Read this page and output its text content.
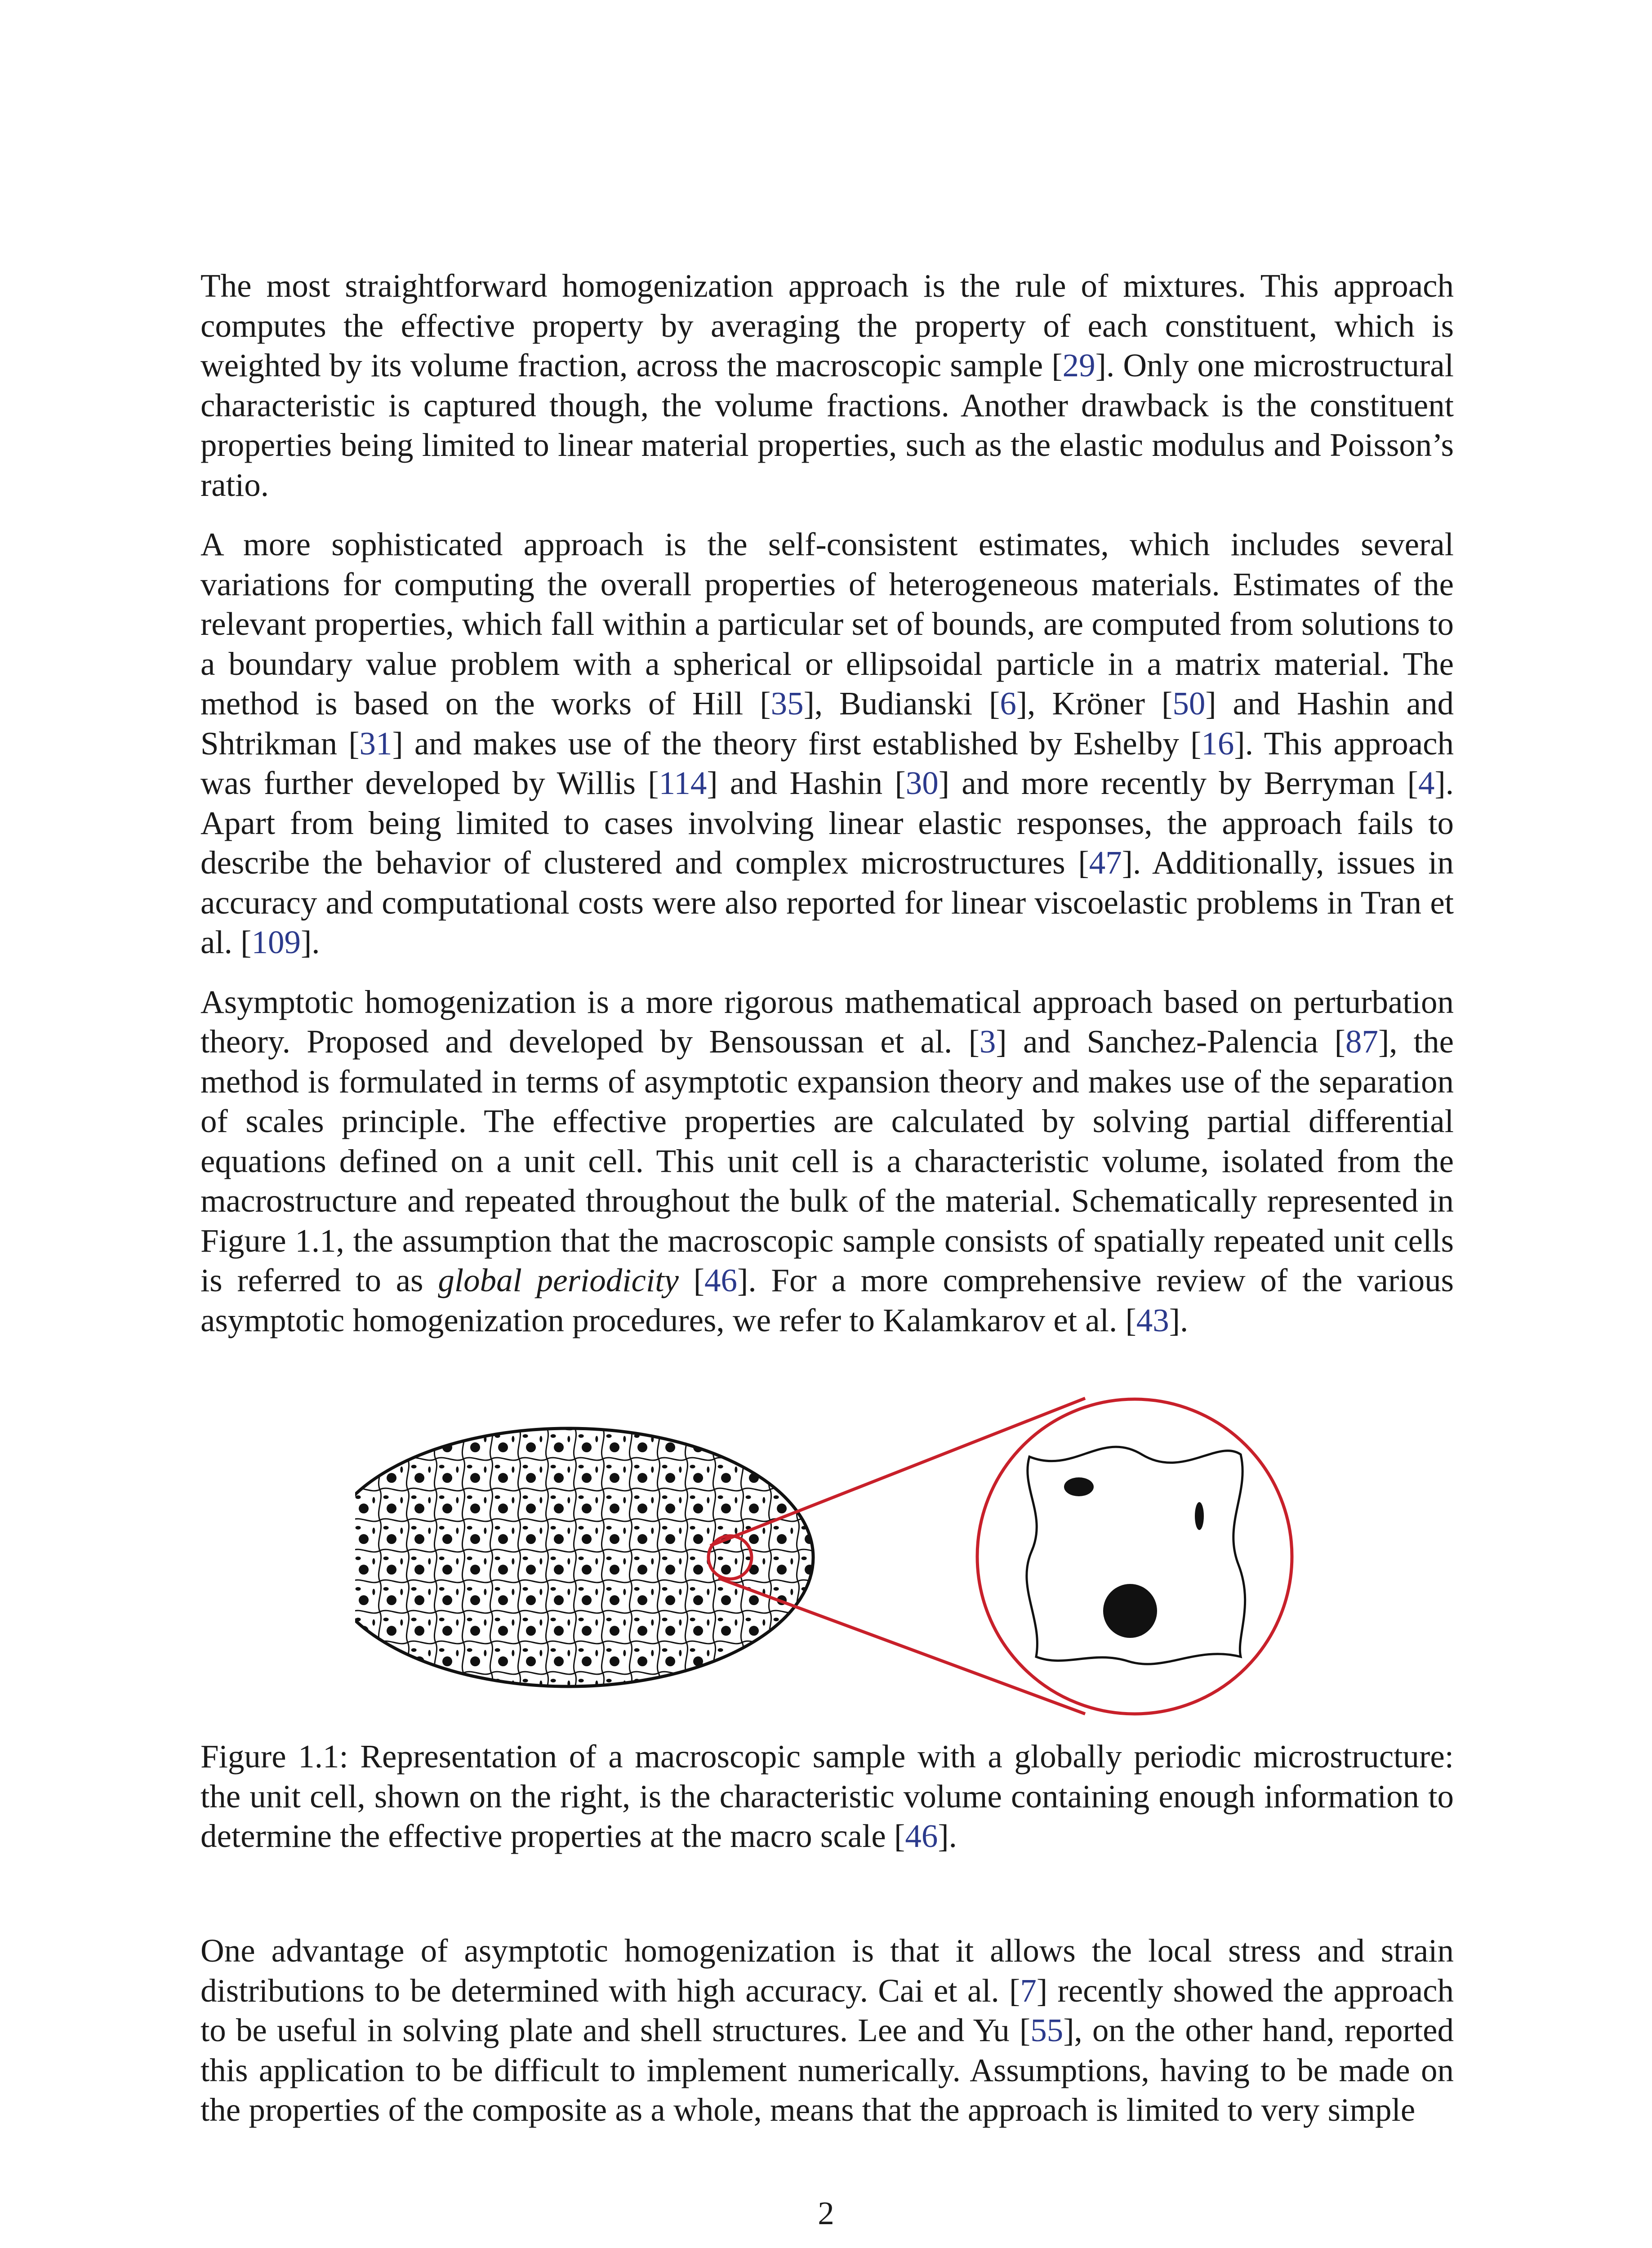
The most straightforward homogenization approach is the rule of mixtures. This approach computes the effective property by averaging the property of each constituent, which is weighted by its volume fraction, across the macroscopic sample [29]. Only one microstructural characteristic is captured though, the volume fractions. Another drawback is the constituent properties being limited to linear material properties, such as the elastic modulus and Poisson’s ratio.

A more sophisticated approach is the self-consistent estimates, which includes several variations for computing the overall properties of heterogeneous materials. Estimates of the relevant properties, which fall within a particular set of bounds, are computed from solutions to a boundary value problem with a spherical or ellipsoidal particle in a matrix material. The method is based on the works of Hill [35], Budianski [6], Kröner [50] and Hashin and Shtrikman [31] and makes use of the theory first established by Eshelby [16]. This approach was further developed by Willis [114] and Hashin [30] and more recently by Berryman [4]. Apart from being limited to cases involving linear elastic responses, the approach fails to describe the behavior of clustered and complex microstructures [47]. Additionally, issues in accuracy and computational costs were also reported for linear viscoelastic problems in Tran et al. [109].

Asymptotic homogenization is a more rigorous mathematical approach based on perturbation theory. Proposed and developed by Bensoussan et al. [3] and Sanchez-Palencia [87], the method is formulated in terms of asymptotic expansion theory and makes use of the separation of scales principle. The effective properties are calculated by solving partial differential equations defined on a unit cell. This unit cell is a characteristic volume, isolated from the macrostructure and repeated throughout the bulk of the material. Schematically represented in Figure 1.1, the assumption that the macroscopic sample consists of spatially repeated unit cells is referred to as global periodicity [46]. For a more comprehensive review of the various asymptotic homogenization procedures, we refer to Kalamkarov et al. [43].

Figure 1.1: Representation of a macroscopic sample with a globally periodic microstructure: the unit cell, shown on the right, is the characteristic volume containing enough information to determine the effective properties at the macro scale [46].

One advantage of asymptotic homogenization is that it allows the local stress and strain distributions to be determined with high accuracy. Cai et al. [7] recently showed the approach to be useful in solving plate and shell structures. Lee and Yu [55], on the other hand, reported this application to be difficult to implement numerically. Assumptions, having to be made on the properties of the composite as a whole, means that the approach is limited to very simple

2
